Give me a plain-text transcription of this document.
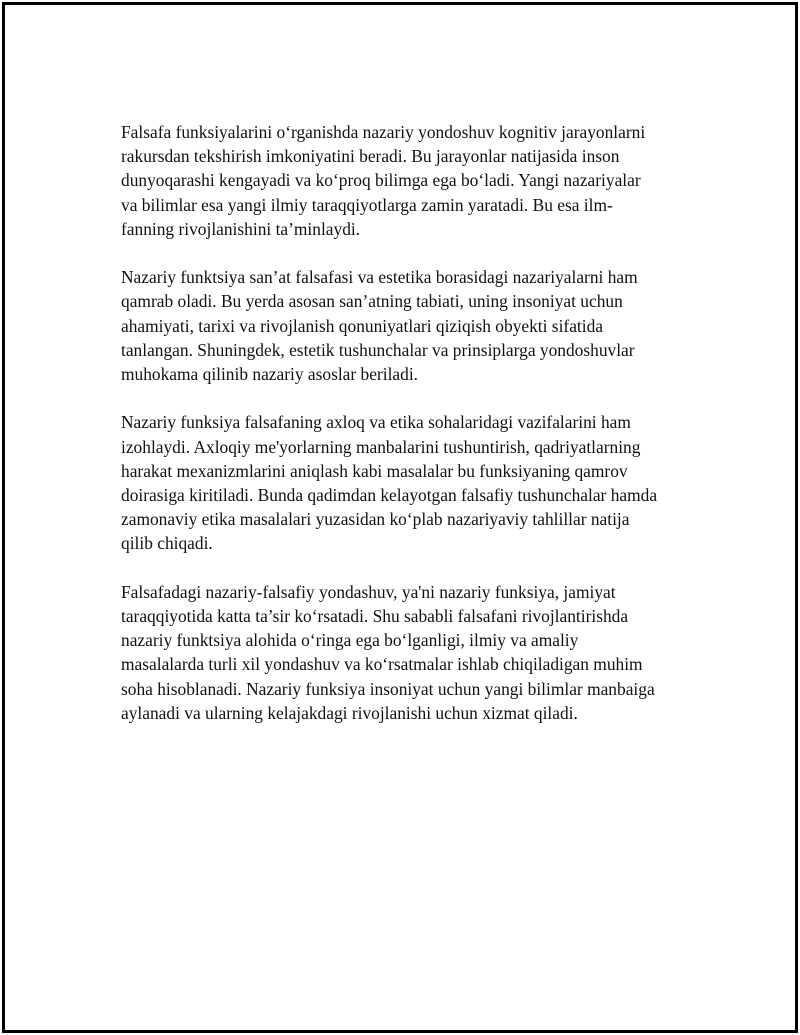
Falsafa funksiyalarini o‘rganishda nazariy yondoshuv kognitiv jarayonlarni
rakursdan tekshirish imkoniyatini beradi. Bu jarayonlar natijasida inson
dunyoqarashi kengayadi va ko‘proq bilimga ega bo‘ladi. Yangi nazariyalar
va bilimlar esa yangi ilmiy taraqqiyotlarga zamin yaratadi. Bu esa ilm-
fanning rivojlanishini ta’minlaydi.

Nazariy funktsiya san’at falsafasi va estetika borasidagi nazariyalarni ham
qamrab oladi. Bu yerda asosan san’atning tabiati, uning insoniyat uchun
ahamiyati, tarixi va rivojlanish qonuniyatlari qiziqish obyekti sifatida
tanlangan. Shuningdek, estetik tushunchalar va prinsiplarga yondoshuvlar
muhokama qilinib nazariy asoslar beriladi.

Nazariy funksiya falsafaning axloq va etika sohalaridagi vazifalarini ham
izohlaydi. Axloqiy me'yorlarning manbalarini tushuntirish, qadriyatlarning
harakat mexanizmlarini aniqlash kabi masalalar bu funksiyaning qamrov
doirasiga kiritiladi. Bunda qadimdan kelayotgan falsafiy tushunchalar hamda
zamonaviy etika masalalari yuzasidan ko‘plab nazariyaviy tahlillar natija
qilib chiqadi.

Falsafadagi nazariy-falsafiy yondashuv, ya'ni nazariy funksiya, jamiyat
taraqqiyotida katta ta’sir ko‘rsatadi. Shu sababli falsafani rivojlantirishda
nazariy funktsiya alohida o‘ringa ega bo‘lganligi, ilmiy va amaliy
masalalarda turli xil yondashuv va ko‘rsatmalar ishlab chiqiladigan muhim
soha hisoblanadi. Nazariy funksiya insoniyat uchun yangi bilimlar manbaiga
aylanadi va ularning kelajakdagi rivojlanishi uchun xizmat qiladi.
